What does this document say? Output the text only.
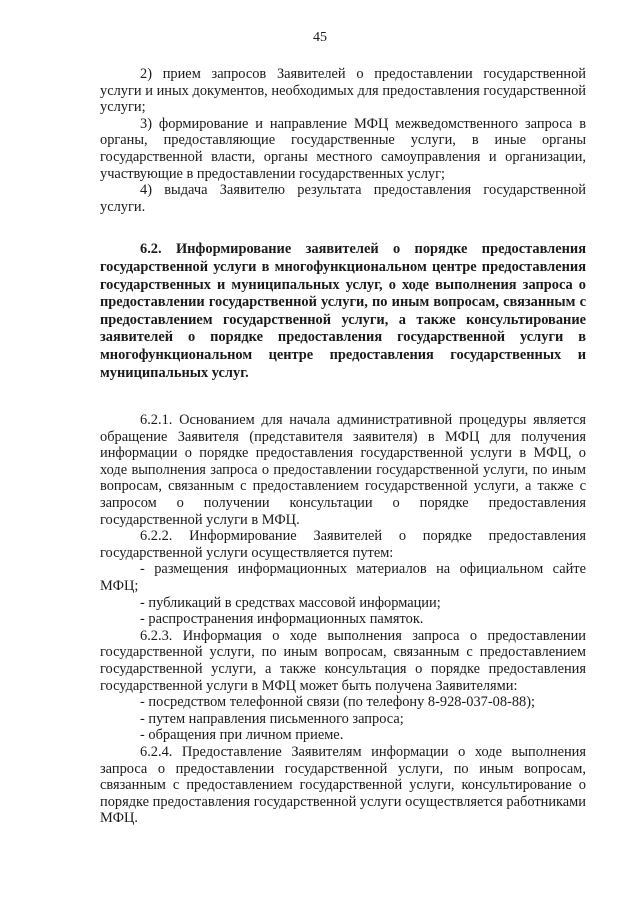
45

2) прием запросов Заявителей о предоставлении государственной услуги и иных документов, необходимых для предоставления государственной услуги;

3) формирование и направление МФЦ межведомственного запроса в органы, предоставляющие государственные услуги, в иные органы государственной власти, органы местного самоуправления и организации, участвующие в предоставлении государственных услуг;

4) выдача Заявителю результата предоставления государственной услуги.

6.2. Информирование заявителей о порядке предоставления государственной услуги в многофункциональном центре предоставления государственных и муниципальных услуг, о ходе выполнения запроса о предоставлении государственной услуги, по иным вопросам, связанным с предоставлением государственной услуги, а также консультирование заявителей о порядке предоставления государственной услуги в многофункциональном центре предоставления государственных и муниципальных услуг.

6.2.1. Основанием для начала административной процедуры является обращение Заявителя (представителя заявителя) в МФЦ для получения информации о порядке предоставления государственной услуги в МФЦ, о ходе выполнения запроса о предоставлении государственной услуги, по иным вопросам, связанным с предоставлением государственной услуги, а также с запросом о получении консультации о порядке предоставления государственной услуги в МФЦ.

6.2.2. Информирование Заявителей о порядке предоставления государственной услуги осуществляется путем:

- размещения информационных материалов на официальном сайте МФЦ;

- публикаций в средствах массовой информации;

- распространения информационных памяток.

6.2.3. Информация о ходе выполнения запроса о предоставлении государственной услуги, по иным вопросам, связанным с предоставлением государственной услуги, а также консультация о порядке предоставления государственной услуги в МФЦ может быть получена Заявителями:

- посредством телефонной связи (по телефону 8-928-037-08-88);

- путем направления письменного запроса;

- обращения при личном приеме.

6.2.4. Предоставление Заявителям информации о ходе выполнения запроса о предоставлении государственной услуги, по иным вопросам, связанным с предоставлением государственной услуги, консультирование о порядке предоставления государственной услуги осуществляется работниками МФЦ.
